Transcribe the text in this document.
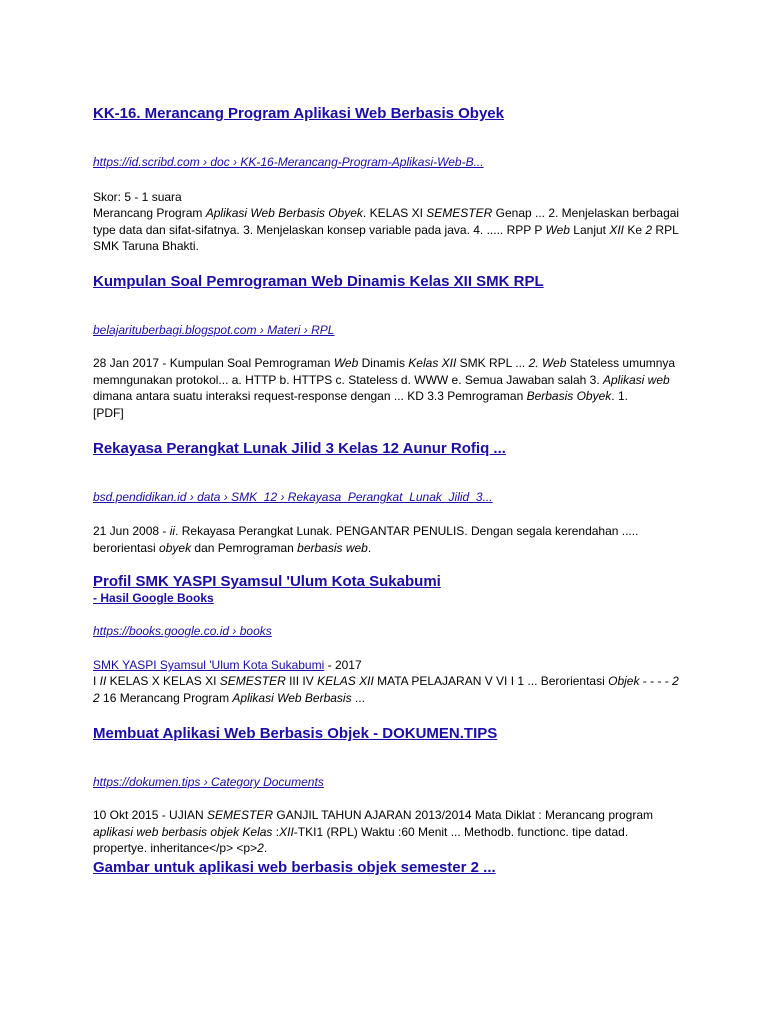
KK-16. Merancang Program Aplikasi Web Berbasis Obyek
https://id.scribd.com › doc › KK-16-Merancang-Program-Aplikasi-Web-B...
Skor: 5 - 1 suara

Merancang Program Aplikasi Web Berbasis Obyek. KELAS XI SEMESTER Genap ... 2. Menjelaskan berbagai type data dan sifat-sifatnya. 3. Menjelaskan konsep variable pada java. 4. ..... RPP P Web Lanjut XII Ke 2 RPL SMK Taruna Bhakti.

Kumpulan Soal Pemrograman Web Dinamis Kelas XII SMK RPL
belajarituberbagi.blogspot.com › Materi › RPL

28 Jan 2017 - Kumpulan Soal Pemrograman Web Dinamis Kelas XII SMK RPL ... 2. Web Stateless umumnya memngunakan protokol... a. HTTP b. HTTPS c. Stateless d. WWW e. Semua Jawaban salah 3. Aplikasi web dimana antara suatu interaksi request-response dengan ... KD 3.3 Pemrograman Berbasis Obyek. 1.

[PDF]
Rekayasa Perangkat Lunak Jilid 3 Kelas 12 Aunur Rofiq ...
bsd.pendidikan.id › data › SMK_12 › Rekayasa_Perangkat_Lunak_Jilid_3...

21 Jun 2008 - ii. Rekayasa Perangkat Lunak. PENGANTAR PENULIS. Dengan segala kerendahan ..... berorientasi obyek dan Pemrograman berbasis web.

Profil SMK YASPI Syamsul 'Ulum Kota Sukabumi
- Hasil Google Books
https://books.google.co.id › books
SMK YASPI Syamsul 'Ulum Kota Sukabumi - 2017

I II KELAS X KELAS XI SEMESTER III IV KELAS XII MATA PELAJARAN V VI I 1 ... Berorientasi Objek - - - - 2 2 16 Merancang Program Aplikasi Web Berbasis ...

Membuat Aplikasi Web Berbasis Objek - DOKUMEN.TIPS
https://dokumen.tips › Category Documents

10 Okt 2015 - UJIAN SEMESTER GANJIL TAHUN AJARAN 2013/2014 Mata Diklat : Merancang program aplikasi web berbasis objek Kelas :XII-TKI1 (RPL) Waktu :60 Menit ... Methodb. functionc. tipe datad. propertye. inheritance</p> <p>2.

Gambar untuk aplikasi web berbasis objek semester 2 ...
